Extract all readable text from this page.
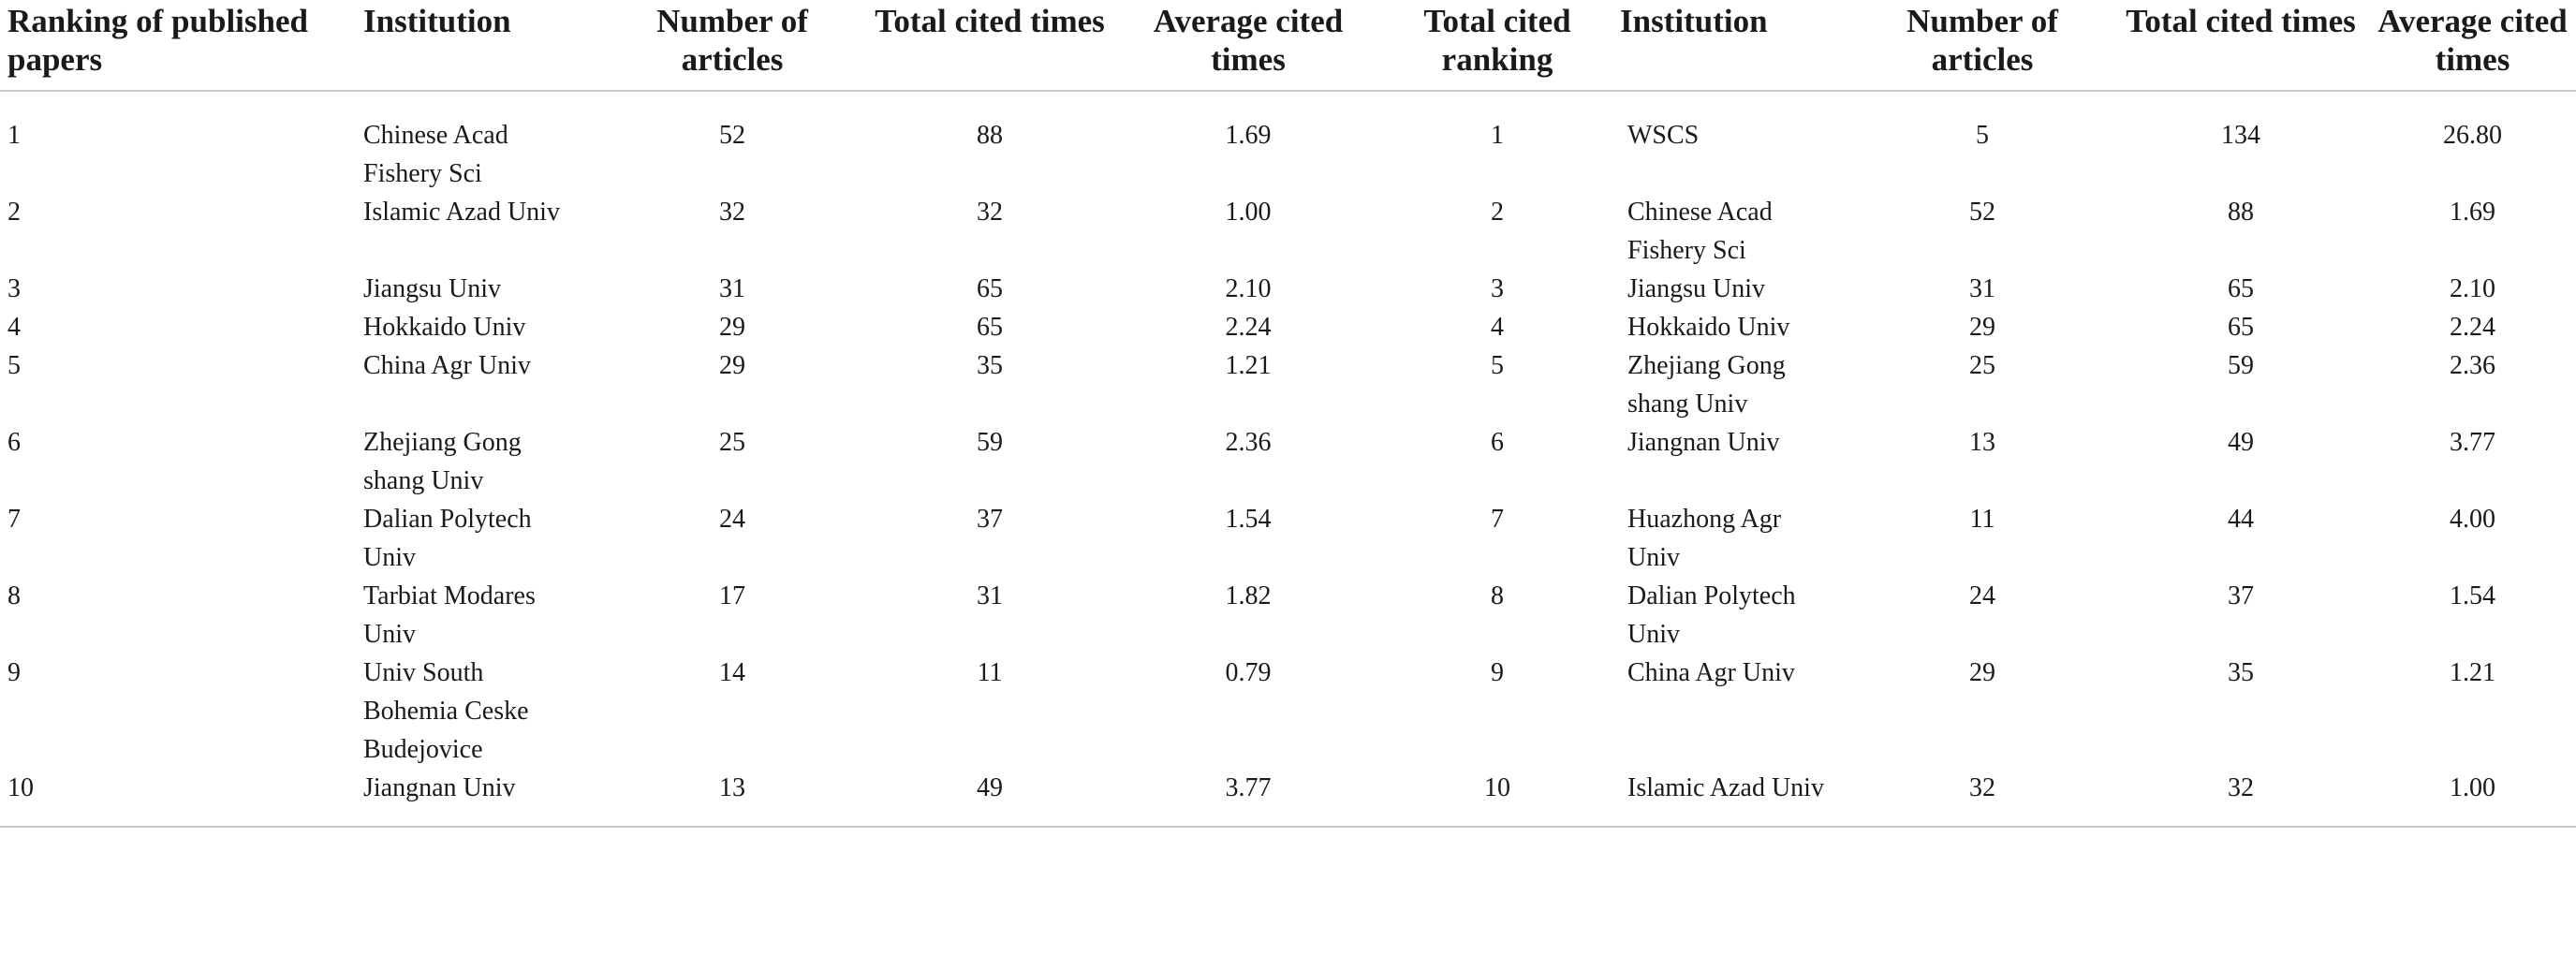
Ranking of published papers	Institution	Number of articles	Total cited times	Average cited times	Total cited ranking	Institution	Number of articles	Total cited times	Average cited times

1	Chinese Acad Fishery Sci	52	88	1.69	1	WSCS	5	134	26.80

2	Islamic Azad Univ	32	32	1.00	2	Chinese Acad Fishery Sci	52	88	1.69

3	Jiangsu Univ	31	65	2.10	3	Jiangsu Univ	31	65	2.10

4	Hokkaido Univ	29	65	2.24	4	Hokkaido Univ	29	65	2.24

5	China Agr Univ	29	35	1.21	5	Zhejiang Gong shang Univ	25	59	2.36

6	Zhejiang Gong shang Univ	25	59	2.36	6	Jiangnan Univ	13	49	3.77

7	Dalian Polytech Univ	24	37	1.54	7	Huazhong Agr Univ	11	44	4.00

8	Tarbiat Modares Univ	17	31	1.82	8	Dalian Polytech Univ	24	37	1.54

9	Univ South Bohemia Ceske Budejovice	14	11	0.79	9	China Agr Univ	29	35	1.21

10	Jiangnan Univ	13	49	3.77	10	Islamic Azad Univ	32	32	1.00
